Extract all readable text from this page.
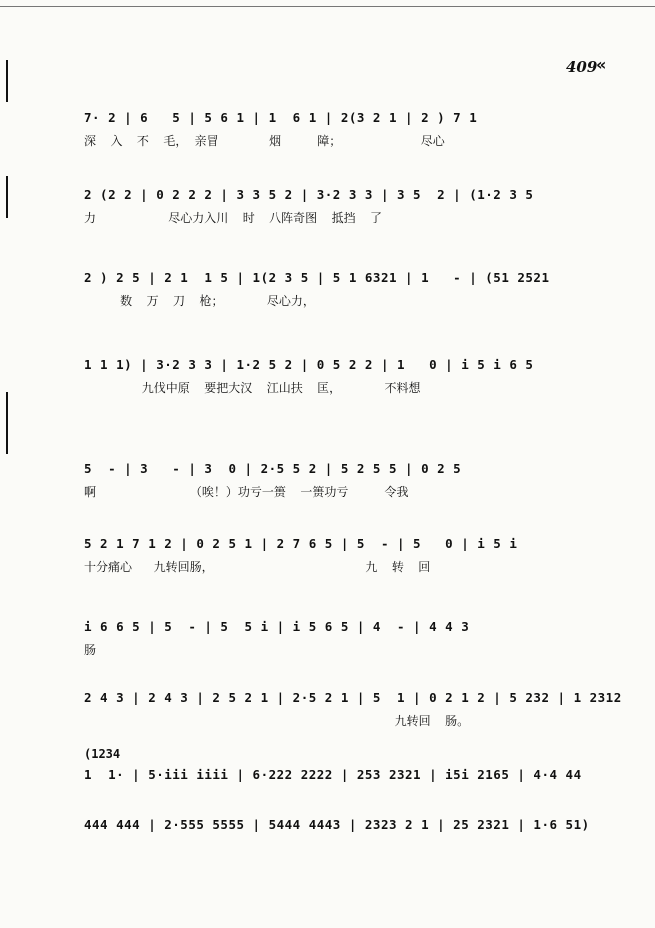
409
«
7· 2 | 6   5 | 5 6 1 | 1  6 1 | 2(3 2 1 | 2 ) 7 1
深  入  不  毛， 亲冒       烟     障；           尽心
2 (2 2 | 0 2 2 2 | 3 3 5 2 | 3·2 3 3 | 3 5  2 | (1·2 3 5
力          尽心力入川  时  八阵奇图  抵挡  了
2 ) 2 5 | 2 1  1 5 | 1(2 3 5 | 5 1 6321 | 1   - | (51 2521
数  万  刀  枪；      尽心力，
1 1 1) | 3·2 3 3 | 1·2 5 2 | 0 5 2 2 | 1   0 | i 5 i 6 5
九伐中原  要把大汉  江山扶  匡，      不料想
5  - | 3   - | 3  0 | 2·5 5 2 | 5 2 5 5 | 0 2 5
啊             （唉！）功亏一篑  一篑功亏     令我
5 2 1 7 1 2 | 0 2 5 1 | 2 7 6 5 | 5  - | 5   0 | i 5 i
十分痛心   九转回肠，                     九  转  回
i 6 6 5 | 5  - | 5  5 i | i 5 6 5 | 4  - | 4 4 3
肠
2 4 3 | 2 4 3 | 2 5 2 1 | 2·5 2 1 | 5  1 | 0 2 1 2 | 5 232 | 1 2312
九转回  肠。
(1234
1  1· | 5·iii iiii | 6·222 2222 | 253 2321 | i5i 2165 | 4·4 44
444 444 | 2·555 5555 | 5444 4443 | 2323 2 1 | 25 2321 | 1·6 51)
